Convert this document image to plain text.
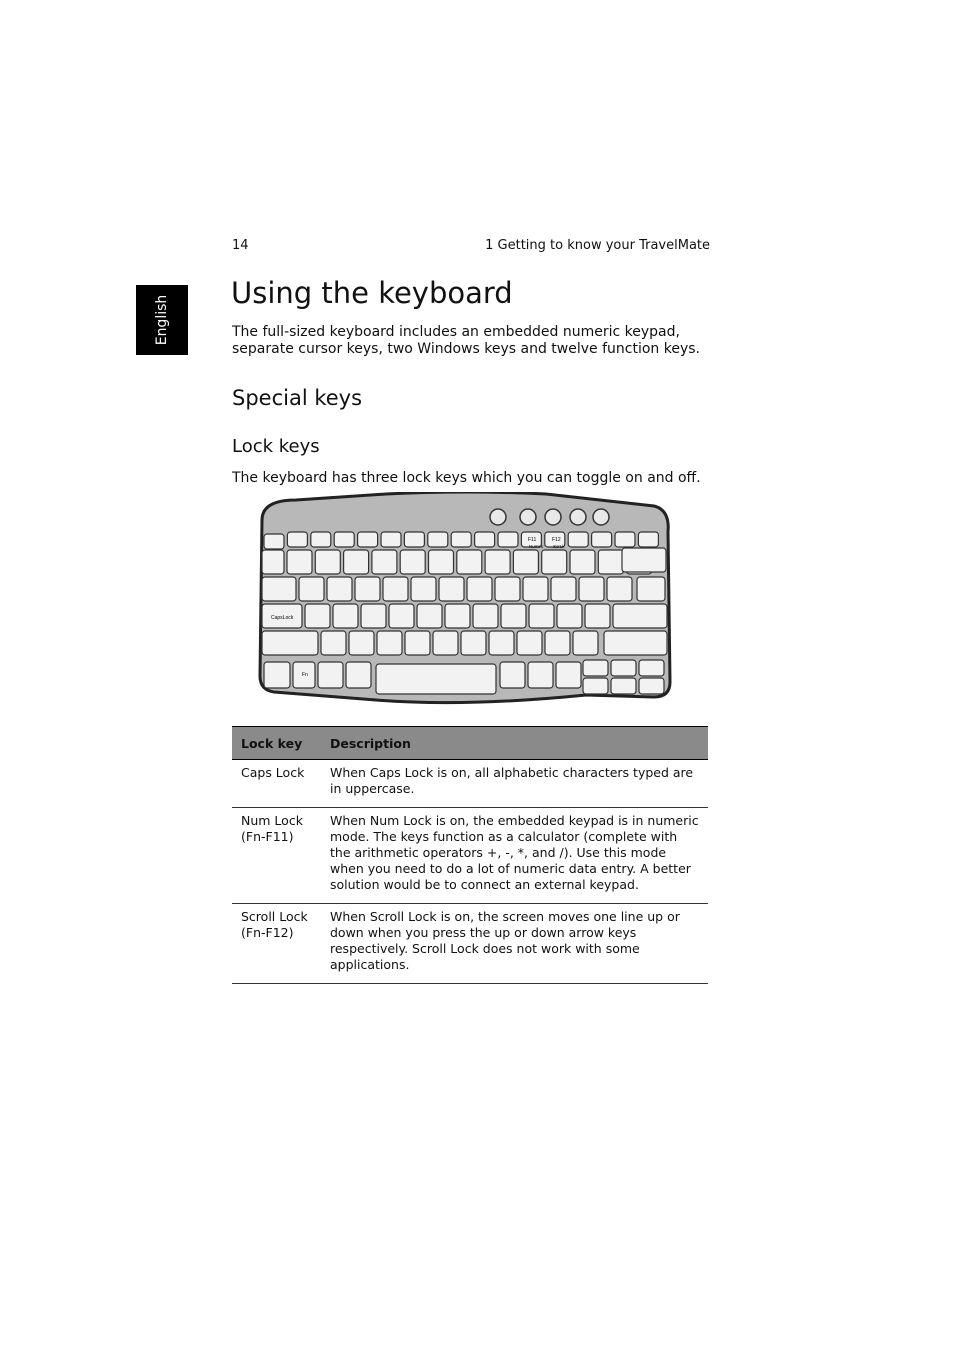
English
14	1 Getting to know your TravelMate
Using the keyboard

The full-sized keyboard includes an embedded numeric keypad, separate cursor keys, two Windows keys and twelve function keys.

Special keys
Lock keys

The keyboard has three lock keys which you can toggle on and off.

F11
NumLk
F12
ScrLk
CapsLock
Fn
Lock key	Description
Caps Lock	When Caps Lock is on, all alphabetic characters typed are in uppercase.
Num Lock (Fn-F11)	When Num Lock is on, the embedded keypad is in numeric mode. The keys function as a calculator (complete with the arithmetic operators +, -, *, and /). Use this mode when you need to do a lot of numeric data entry. A better solution would be to connect an external keypad.
Scroll Lock (Fn-F12)	When Scroll Lock is on, the screen moves one line up or down when you press the up or down arrow keys respectively. Scroll Lock does not work with some applications.
